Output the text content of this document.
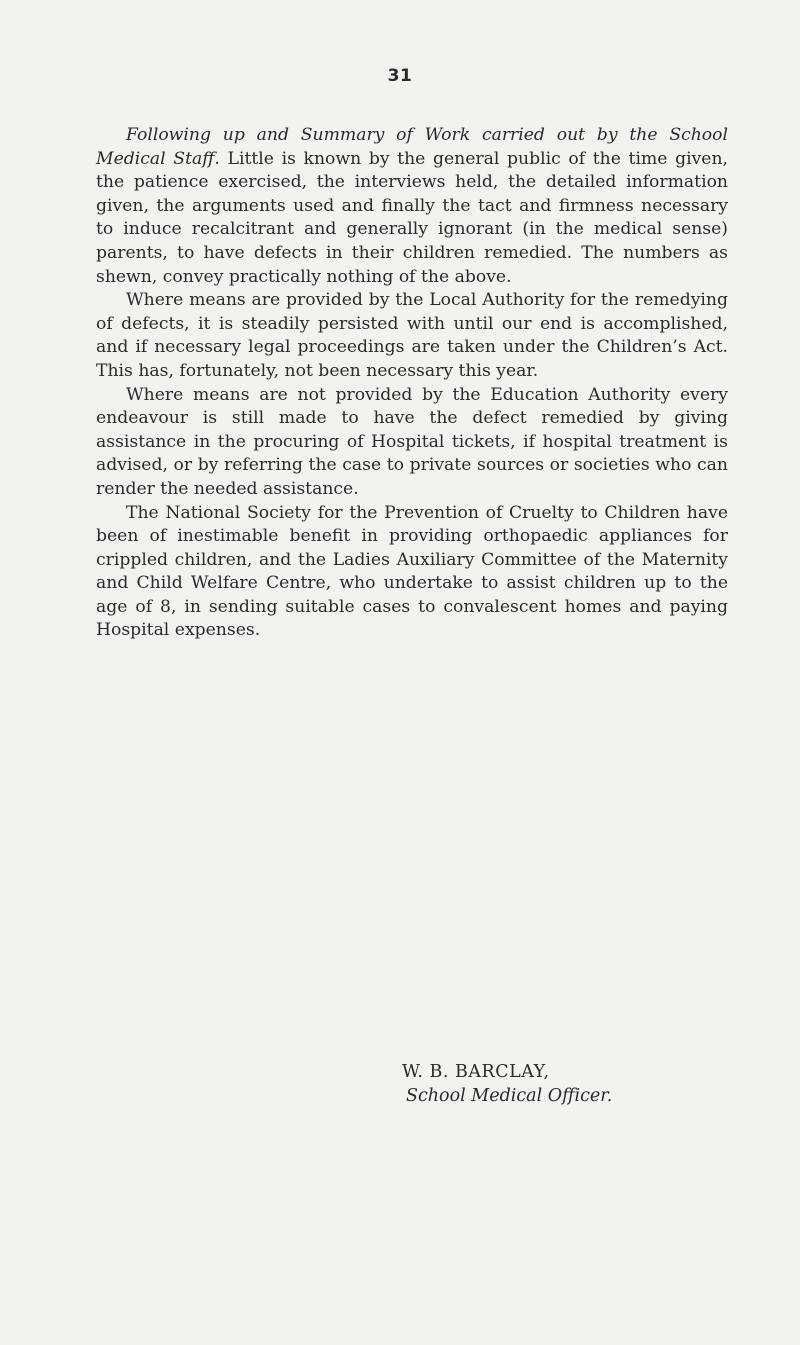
31

Following up and Summary of Work carried out by the School Medical Staff. Little is known by the general public of the time given, the patience exercised, the interviews held, the detailed information given, the arguments used and finally the tact and firmness necessary to induce recalcitrant and generally ignorant (in the medical sense) parents, to have defects in their children remedied. The numbers as shewn, convey practically nothing of the above.

Where means are provided by the Local Authority for the remedying of defects, it is steadily persisted with until our end is accomplished, and if necessary legal proceedings are taken under the Children’s Act. This has, fortunately, not been necessary this year.

Where means are not provided by the Education Authority every endeavour is still made to have the defect remedied by giving assistance in the procuring of Hospital tickets, if hospital treatment is advised, or by referring the case to private sources or societies who can render the needed assistance.

The National Society for the Prevention of Cruelty to Children have been of inestimable benefit in providing orthopaedic appliances for crippled children, and the Ladies Auxiliary Committee of the Maternity and Child Welfare Centre, who undertake to assist children up to the age of 8, in sending suitable cases to convalescent homes and paying Hospital expenses.

W. B. BARCLAY,
School Medical Officer.
